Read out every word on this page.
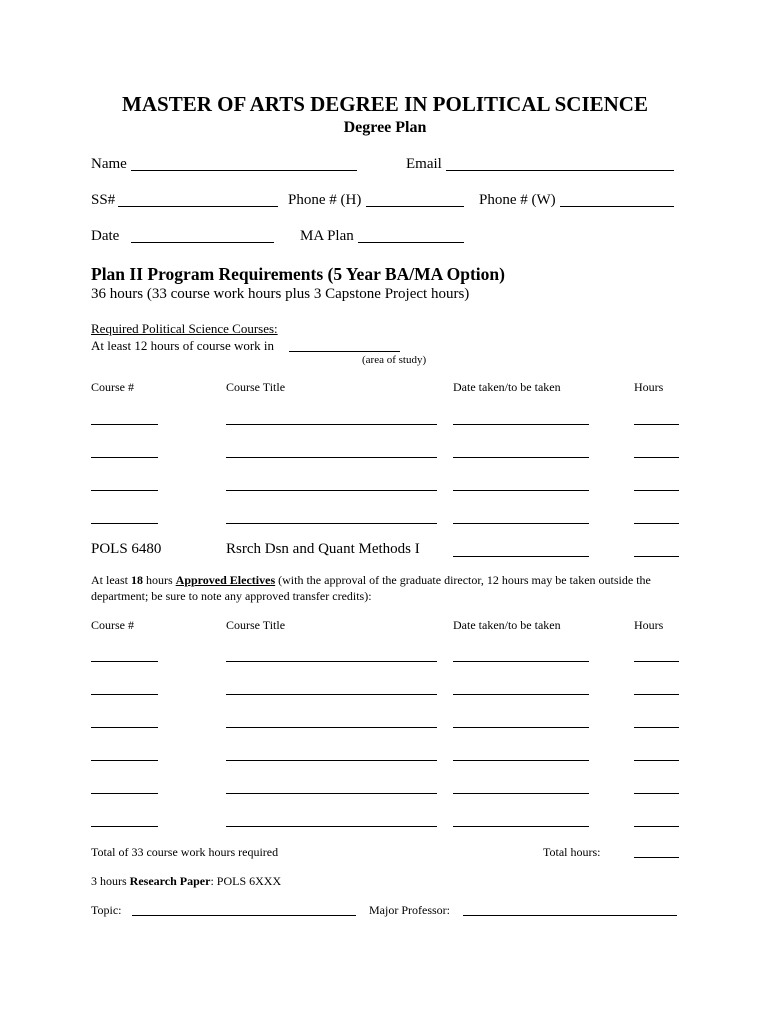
MASTER OF ARTS DEGREE IN POLITICAL SCIENCE
Degree Plan
Name	Email
SS#	Phone # (H)	Phone # (W)
Date	MA Plan
Plan II Program Requirements (5 Year BA/MA Option)
36 hours (33 course work hours plus 3 Capstone Project hours)
Required Political Science Courses:
At least 12 hours of course work in
(area of study)
Course #	Course Title	Date taken/to be taken	Hours
POLS 6480	Rsrch Dsn and Quant Methods I
At least 18 hours Approved Electives (with the approval of the graduate director, 12 hours may be taken outside the
department; be sure to note any approved transfer credits):
Course #	Course Title	Date taken/to be taken	Hours
Total of 33 course work hours required	Total hours:
3 hours Research Paper: POLS 6XXX
Topic:	Major Professor:
